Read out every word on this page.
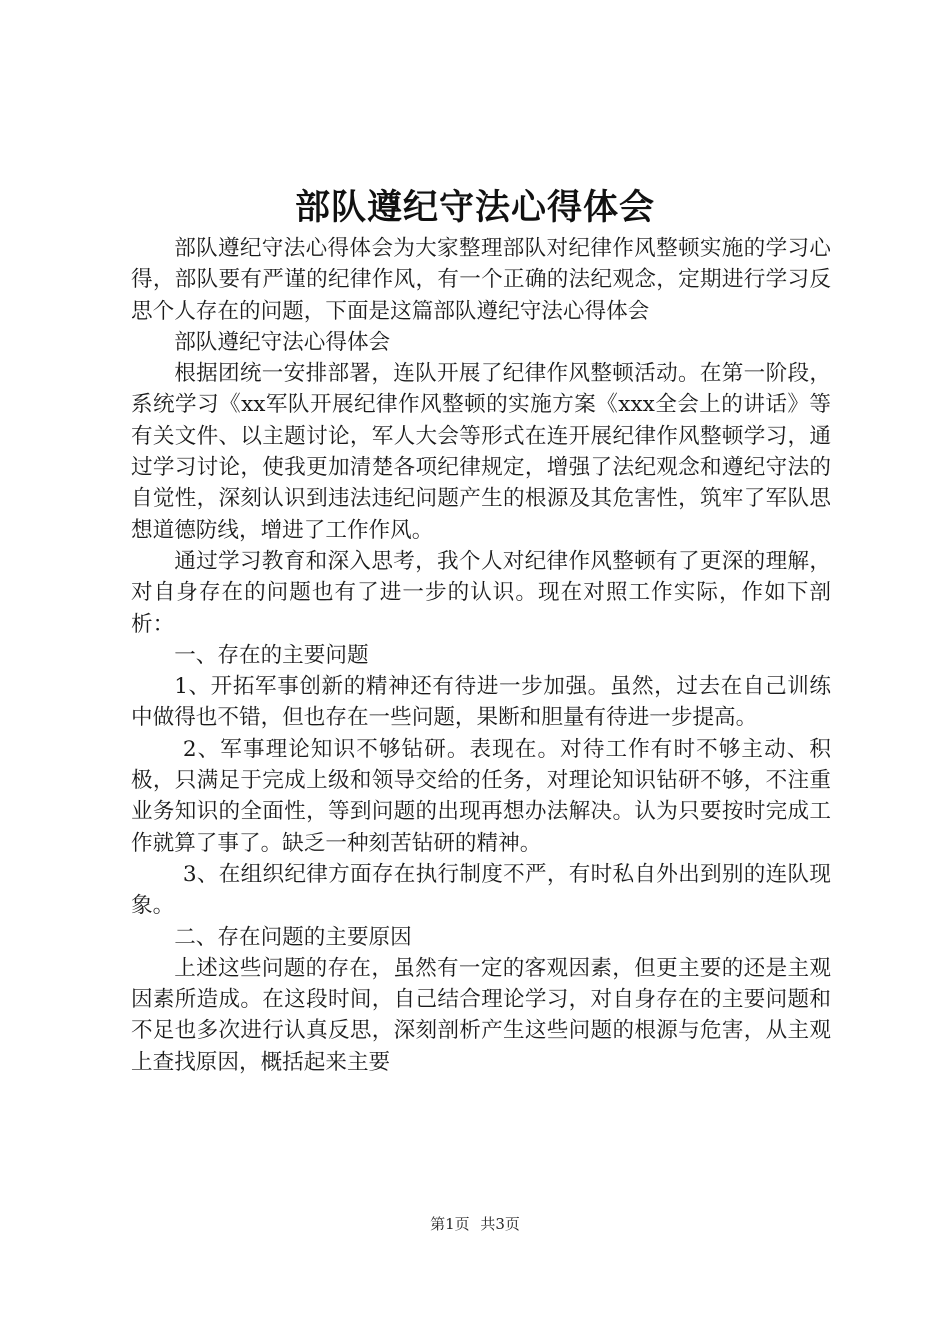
部队遵纪守法心得体会

部队遵纪守法心得体会为大家整理部队对纪律作风整顿实施的学习心得，部队要有严谨的纪律作风，有一个正确的法纪观念，定期进行学习反思个人存在的问题，下面是这篇部队遵纪守法心得体会

部队遵纪守法心得体会

根据团统一安排部署，连队开展了纪律作风整顿活动。在第一阶段，系统学习《xx军队开展纪律作风整顿的实施方案《xxx全会上的讲话》等有关文件、以主题讨论，军人大会等形式在连开展纪律作风整顿学习，通过学习讨论，使我更加清楚各项纪律规定，增强了法纪观念和遵纪守法的自觉性，深刻认识到违法违纪问题产生的根源及其危害性，筑牢了军队思想道德防线，增进了工作作风。

通过学习教育和深入思考，我个人对纪律作风整顿有了更深的理解，对自身存在的问题也有了进一步的认识。现在对照工作实际，作如下剖析：

一、存在的主要问题

1、开拓军事创新的精神还有待进一步加强。虽然，过去在自己训练中做得也不错，但也存在一些问题，果断和胆量有待进一步提高。

2、军事理论知识不够钻研。表现在。对待工作有时不够主动、积极，只满足于完成上级和领导交给的任务，对理论知识钻研不够，不注重业务知识的全面性，等到问题的出现再想办法解决。认为只要按时完成工作就算了事了。缺乏一种刻苦钻研的精神。

3、在组织纪律方面存在执行制度不严，有时私自外出到别的连队现象。

二、存在问题的主要原因

上述这些问题的存在，虽然有一定的客观因素，但更主要的还是主观因素所造成。在这段时间，自己结合理论学习，对自身存在的主要问题和不足也多次进行认真反思，深刻剖析产生这些问题的根源与危害，从主观上查找原因，概括起来主要

第1页 共3页
